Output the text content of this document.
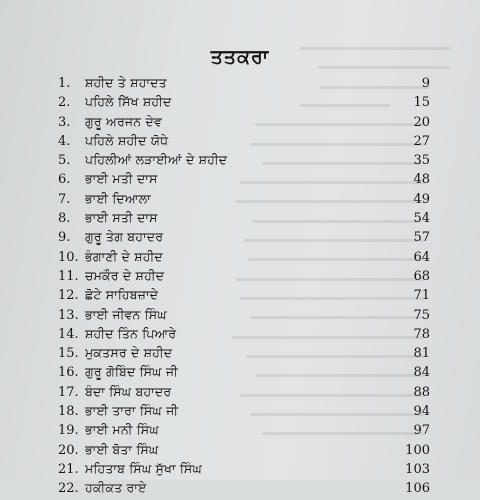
ਤਤਕਰਾ
1.	ਸ਼ਹੀਦ ਤੇ ਸ਼ਹਾਦਤ	9
2.	ਪਹਿਲੇ ਸਿੱਖ ਸ਼ਹੀਦ	15
3.	ਗੁਰੂ ਅਰਜਨ ਦੇਵ	20
4.	ਪਹਿਲੇ ਸ਼ਹੀਦ ਯੋਧੇ	27
5.	ਪਹਿਲੀਆਂ ਲੜਾਈਆਂ ਦੇ ਸ਼ਹੀਦ	35
6.	ਭਾਈ ਮਤੀ ਦਾਸ	48
7.	ਭਾਈ ਦਿਆਲਾ	49
8.	ਭਾਈ ਸਤੀ ਦਾਸ	54
9.	ਗੁਰੂ ਤੇਗ ਬਹਾਦਰ	57
10. ਭੰਗਾਣੀ ਦੇ ਸ਼ਹੀਦ	64
11. ਚਮਕੌਰ ਦੇ ਸ਼ਹੀਦ	68
12. ਛੋਟੇ ਸਾਹਿਬਜ਼ਾਦੇ	71
13. ਭਾਈ ਜੀਵਨ ਸਿੰਘ	75
14. ਸ਼ਹੀਦ ਤਿੰਨ ਪਿਆਰੇ	78
15. ਮੁਕਤਸਰ ਦੇ ਸ਼ਹੀਦ	81
16. ਗੁਰੂ ਗੋਬਿੰਦ ਸਿੰਘ ਜੀ	84
17. ਬੰਦਾ ਸਿੰਘ ਬਹਾਦਰ	88
18. ਭਾਈ ਤਾਰਾ ਸਿੰਘ ਜੀ	94
19. ਭਾਈ ਮਨੀ ਸਿੰਘ	97
20. ਭਾਈ ਬੋਤਾ ਸਿੰਘ	100
21. ਮਹਿਤਾਬ ਸਿੰਘ ਸੁੱਖਾ ਸਿੰਘ	103
22. ਹਕੀਕਤ ਰਾਏ	106
